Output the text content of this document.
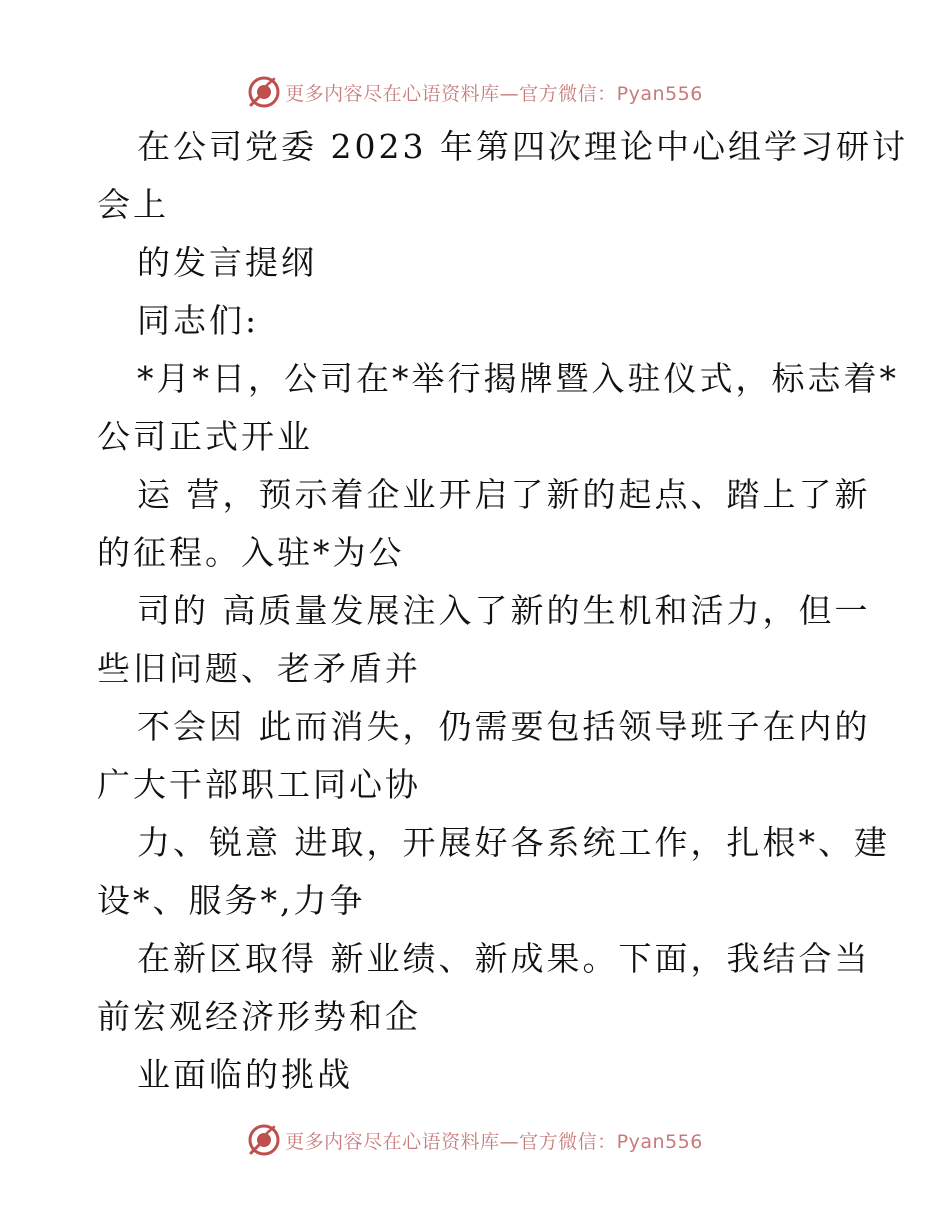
更多内容尽在心语资料库—官方微信：Pyan556
在公司党委 2023 年第四次理论中心组学习研讨
会上
的发言提纲
同志们:
*月*日，公司在*举行揭牌暨入驻仪式，标志着*
公司正式开业
运 营，预示着企业开启了新的起点、踏上了新
的征程。入驻*为公
司的 高质量发展注入了新的生机和活力，但一
些旧问题、老矛盾并
不会因 此而消失，仍需要包括领导班子在内的
广大干部职工同心协
力、锐意 进取，开展好各系统工作，扎根*、建
设*、服务*,力争
在新区取得 新业绩、新成果。下面，我结合当
前宏观经济形势和企
业面临的挑战
更多内容尽在心语资料库—官方微信：Pyan556
